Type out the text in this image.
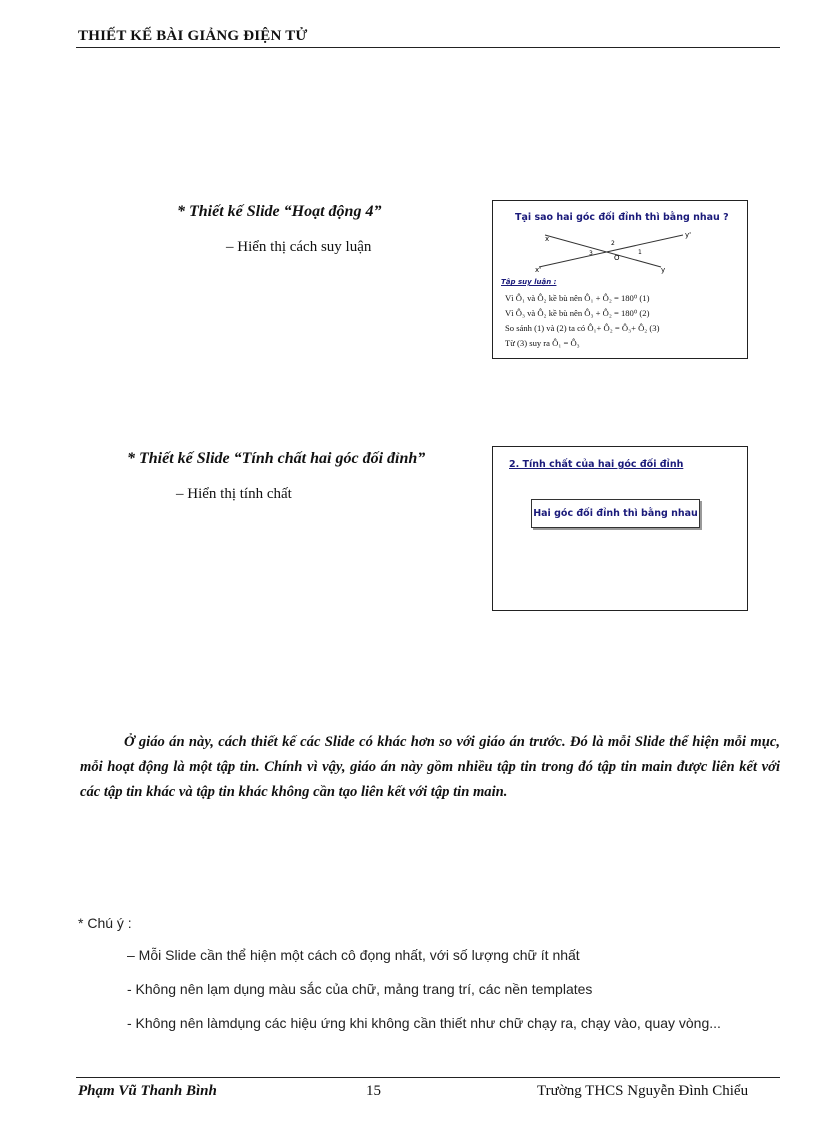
THIẾT KẾ BÀI GIẢNG ĐIỆN TỬ
* Thiết kế Slide “Hoạt động 4”
– Hiển thị cách suy luận
Tại sao hai góc đối đỉnh thì bằng nhau ?
x	y'
x'	y
O
1
2
3
Tập suy luận :
Vì Ô₁ và Ô₂ kề bù nên Ô₁ + Ô₂ = 180⁰ (1)
Vì Ô₃ và Ô₂ kề bù nên Ô₃ + Ô₂ = 180⁰ (2)
So sánh (1) và (2) ta có Ô₁+ Ô₂ = Ô₃+ Ô₂ (3)
Từ (3) suy ra Ô₁ = Ô₃
* Thiết kế Slide “Tính chất hai góc đối đỉnh”
– Hiển thị tính chất
2. Tính chất của hai góc đối đỉnh
Hai góc đối đỉnh thì bằng nhau
Ở giáo án này, cách thiết kế các Slide có khác hơn so với giáo án trước. Đó là mỗi Slide thể hiện mỗi mục, mỗi hoạt động là một tập tin. Chính vì vậy, giáo án này gồm nhiều tập tin trong đó tập tin main được liên kết với các tập tin khác và tập tin khác không cần tạo liên kết với tập tin main.
* Chú ý :
– Mỗi Slide cần thể hiện một cách cô đọng nhất, với số lượng chữ ít nhất
- Không nên lạm dụng màu sắc của chữ, mảng trang trí, các nền templates
- Không nên làmdụng các hiệu ứng khi không cần thiết như chữ chạy ra, chạy vào, quay vòng...
Phạm Vũ Thanh Bình	15	Trường THCS Nguyễn Đình Chiểu
